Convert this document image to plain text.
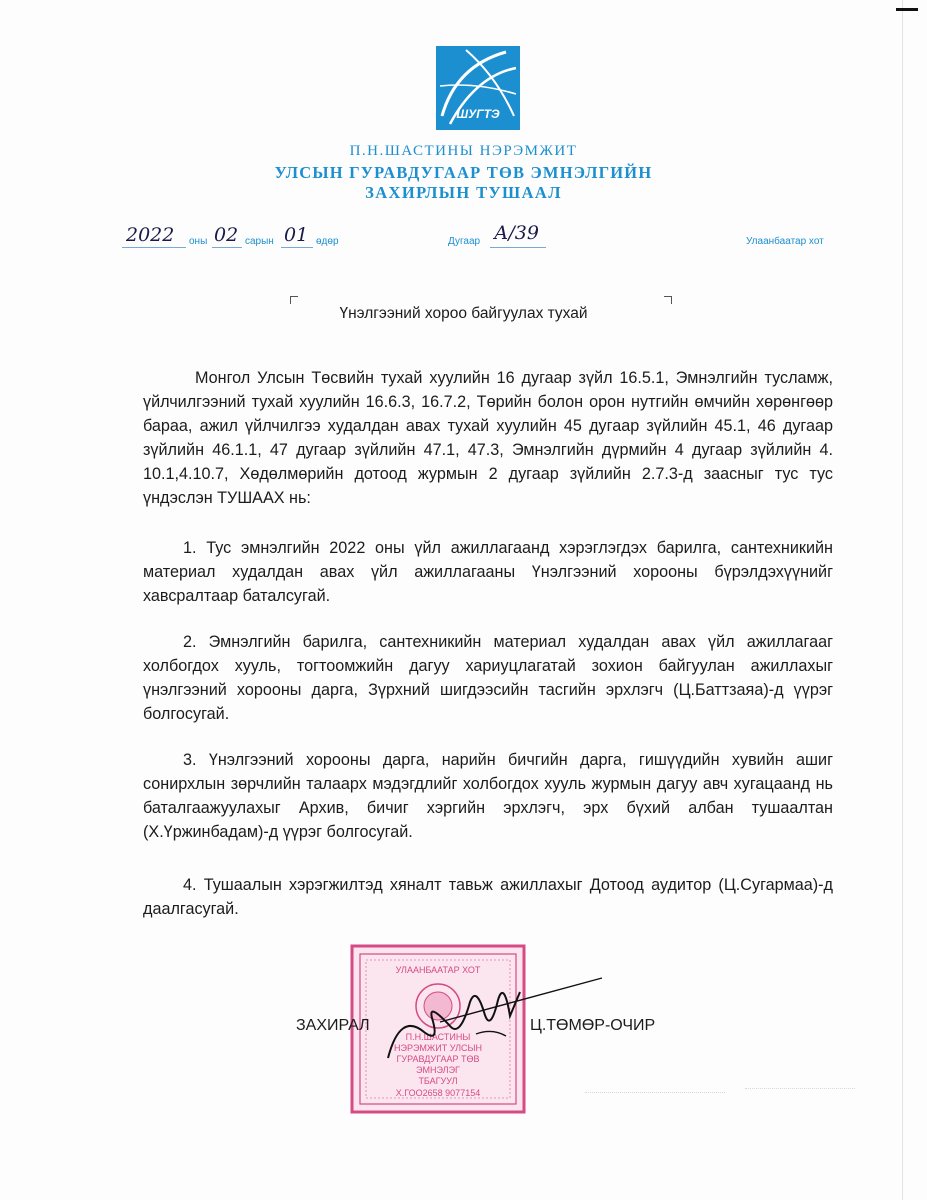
ШУГТЭ
П.Н.ШАСТИНЫ НЭРЭМЖИТ
УЛСЫН ГУРАВДУГААР ТӨВ ЭМНЭЛГИЙН
ЗАХИРЛЫН ТУШААЛ
2022 оны 02 сарын 01 өдөр	Дугаар А/39	Улаанбаатар хот
Үнэлгээний хороо байгуулах тухай

Монгол Улсын Төсвийн тухай хуулийн 16 дугаар зүйл 16.5.1, Эмнэлгийн тусламж, үйлчилгээний тухай хуулийн 16.6.3, 16.7.2, Төрийн болон орон нутгийн өмчийн хөрөнгөөр бараа, ажил үйлчилгээ худалдан авах тухай хуулийн 45 дугаар зүйлийн 45.1, 46 дугаар зүйлийн 46.1.1, 47 дугаар зүйлийн 47.1, 47.3, Эмнэлгийн дүрмийн 4 дугаар зүйлийн 4. 10.1,4.10.7, Хөдөлмөрийн дотоод журмын 2 дугаар зүйлийн 2.7.3-д заасныг тус тус үндэслэн ТУШААХ нь:

1. Тус эмнэлгийн 2022 оны үйл ажиллагаанд хэрэглэгдэх барилга, сантехникийн материал худалдан авах үйл ажиллагааны Үнэлгээний хорооны бүрэлдэхүүнийг хавсралтаар баталсугай.

2. Эмнэлгийн барилга, сантехникийн материал худалдан авах үйл ажиллагааг холбогдох хууль, тогтоомжийн дагуу хариуцлагатай зохион байгуулан ажиллахыг үнэлгээний хорооны дарга, Зүрхний шигдээсийн тасгийн эрхлэгч (Ц.Баттзаяа)-д үүрэг болгосугай.

3. Үнэлгээний хорооны дарга, нарийн бичгийн дарга, гишүүдийн хувийн ашиг сонирхлын зөрчлийн талаарх мэдэгдлийг холбогдох хууль журмын дагуу авч хугацаанд нь баталгаажуулахыг Архив, бичиг хэргийн эрхлэгч, эрх бүхий албан тушаалтан (Х.Үржинбадам)-д үүрэг болгосугай.

4. Тушаалын хэрэгжилтэд хяналт тавьж ажиллахыг Дотоод аудитор (Ц.Сугармаа)-д даалгасугай.

УЛААНБААТАР ХОТ
П.Н.ШАСТИНЫ
НЭРЭМЖИТ УЛСЫН
ГУРАВДУГААР ТӨВ
ЭМНЭЛЭГ
ТБАГУУЛ
Х.ГОО2658 9077154
ЗАХИРАЛ	Ц.ТӨМӨР-ОЧИР
